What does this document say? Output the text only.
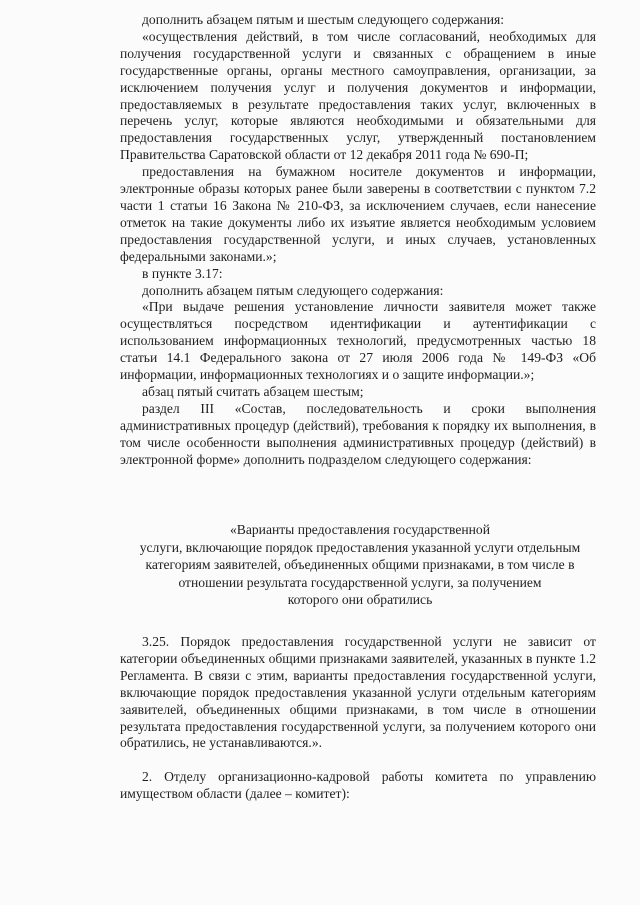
дополнить абзацем пятым и шестым следующего содержания:

«осуществления действий, в том числе согласований, необходимых для получения государственной услуги и связанных с обращением в иные государственные органы, органы местного самоуправления, организации, за исключением получения услуг и получения документов и информации, предоставляемых в результате предоставления таких услуг, включенных в перечень услуг, которые являются необходимыми и обязательными для предоставления государственных услуг, утвержденный постановлением Правительства Саратовской области от 12 декабря 2011 года № 690-П;

предоставления на бумажном носителе документов и информации, электронные образы которых ранее были заверены в соответствии с пунктом 7.2 части 1 статьи 16 Закона № 210-ФЗ, за исключением случаев, если нанесение отметок на такие документы либо их изъятие является необходимым условием предоставления государственной услуги, и иных случаев, установленных федеральными законами.»;

в пункте 3.17:

дополнить абзацем пятым следующего содержания:

«При выдаче решения установление личности заявителя может также осуществляться посредством идентификации и аутентификации с использованием информационных технологий, предусмотренных частью 18 статьи 14.1 Федерального закона от 27 июля 2006 года № 149-ФЗ «Об информации, информационных технологиях и о защите информации.»;

абзац пятый считать абзацем шестым;

раздел III «Состав, последовательность и сроки выполнения административных процедур (действий), требования к порядку их выполнения, в том числе особенности выполнения административных процедур (действий) в электронной форме» дополнить подразделом следующего содержания:

«Варианты предоставления государственной

услуги, включающие порядок предоставления указанной услуги отдельным

категориям заявителей, объединенных общими признаками, в том числе в

отношении результата государственной услуги, за получением

которого они обратились

3.25. Порядок предоставления государственной услуги не зависит от категории объединенных общими признаками заявителей, указанных в пункте 1.2 Регламента. В связи с этим, варианты предоставления государственной услуги, включающие порядок предоставления указанной услуги отдельным категориям заявителей, объединенных общими признаками, в том числе в отношении результата предоставления государственной услуги, за получением которого они обратились, не устанавливаются.».

2. Отделу организационно-кадровой работы комитета по управлению имуществом области (далее – комитет):
